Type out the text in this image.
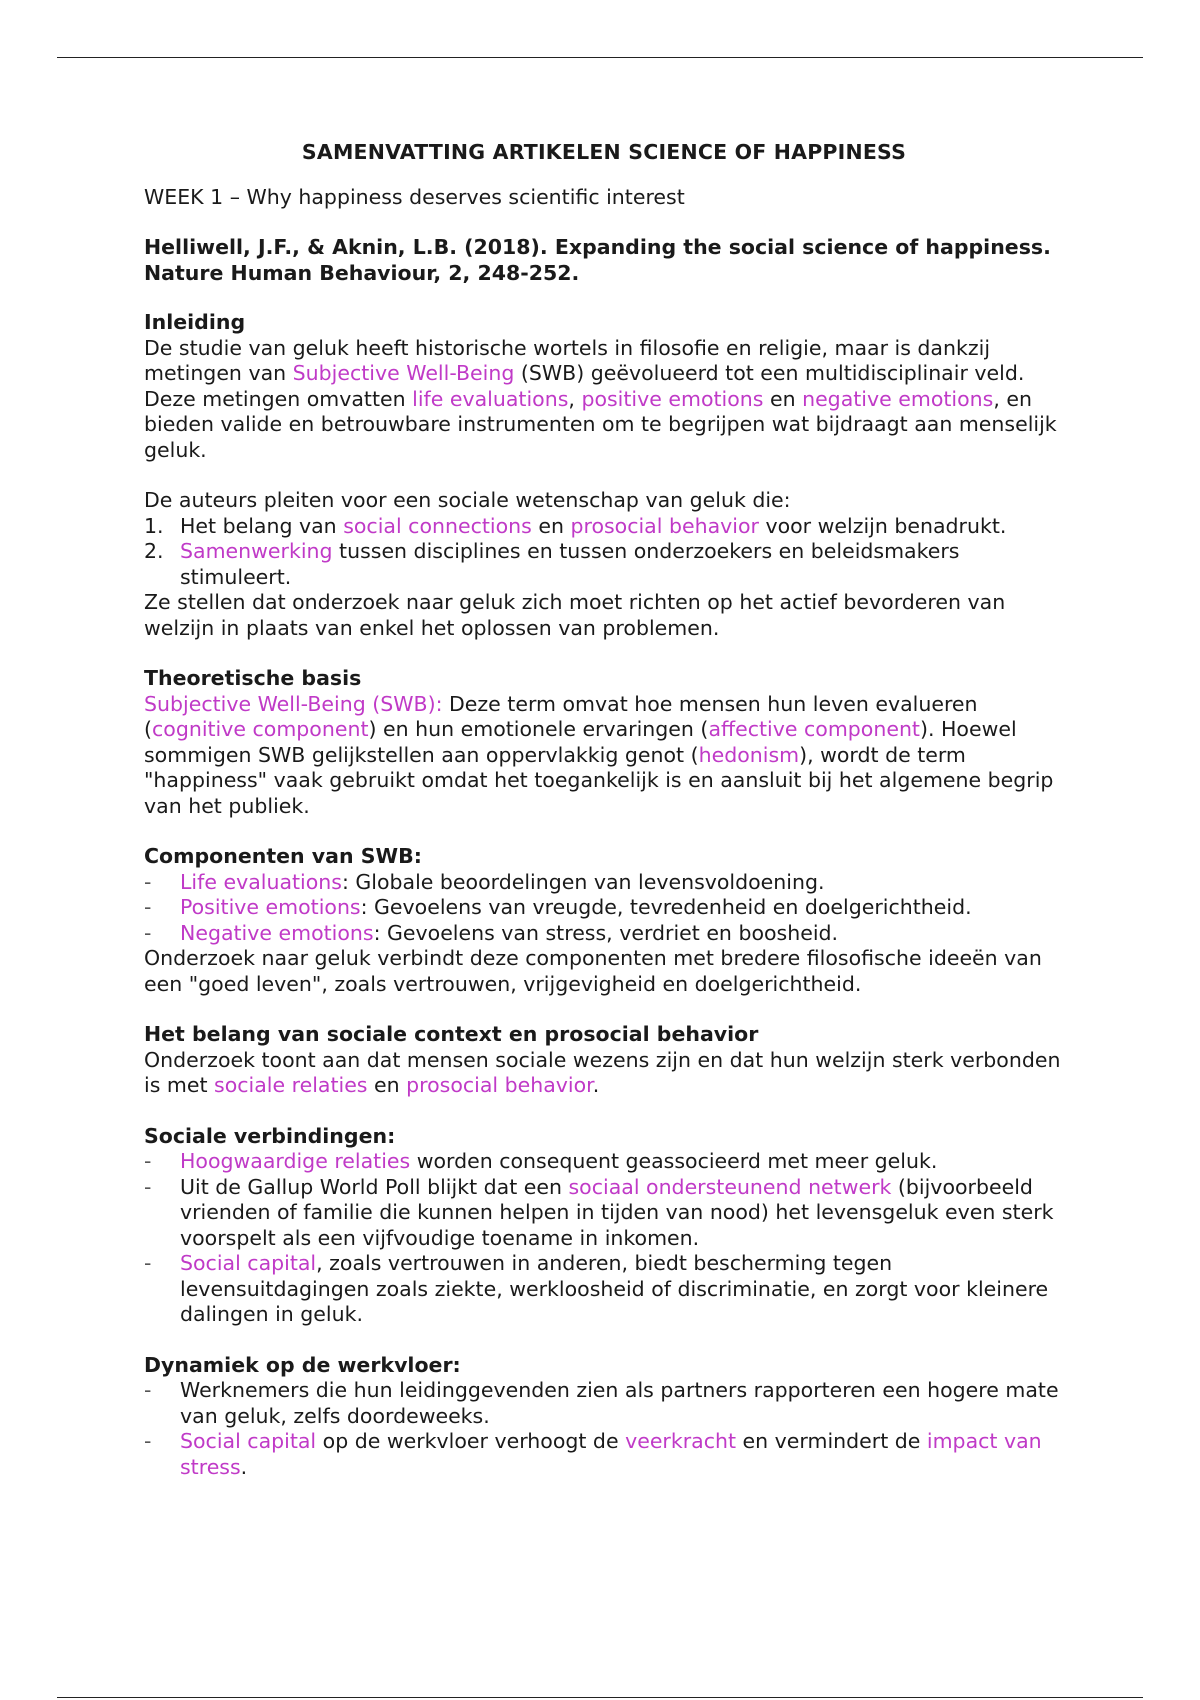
SAMENVATTING ARTIKELEN SCIENCE OF HAPPINESS

WEEK 1 – Why happiness deserves scientific interest

Helliwell, J.F., & Aknin, L.B. (2018). Expanding the social science of happiness. Nature Human Behaviour, 2, 248-252.

Inleiding

De studie van geluk heeft historische wortels in filosofie en religie, maar is dankzij metingen van Subjective Well-Being (SWB) geëvolueerd tot een multidisciplinair veld. Deze metingen omvatten life evaluations, positive emotions en negative emotions, en bieden valide en betrouwbare instrumenten om te begrijpen wat bijdraagt aan menselijk geluk.

De auteurs pleiten voor een sociale wetenschap van geluk die:

1. Het belang van social connections en prosocial behavior voor welzijn benadrukt.
2. Samenwerking tussen disciplines en tussen onderzoekers en beleidsmakers stimuleert.

Ze stellen dat onderzoek naar geluk zich moet richten op het actief bevorderen van welzijn in plaats van enkel het oplossen van problemen.

Theoretische basis

Subjective Well-Being (SWB): Deze term omvat hoe mensen hun leven evalueren (cognitive component) en hun emotionele ervaringen (affective component). Hoewel sommigen SWB gelijkstellen aan oppervlakkig genot (hedonism), wordt de term "happiness" vaak gebruikt omdat het toegankelijk is en aansluit bij het algemene begrip van het publiek.

Componenten van SWB:
- Life evaluations: Globale beoordelingen van levensvoldoening.
- Positive emotions: Gevoelens van vreugde, tevredenheid en doelgerichtheid.
- Negative emotions: Gevoelens van stress, verdriet en boosheid.

Onderzoek naar geluk verbindt deze componenten met bredere filosofische ideeën van een "goed leven", zoals vertrouwen, vrijgevigheid en doelgerichtheid.

Het belang van sociale context en prosocial behavior

Onderzoek toont aan dat mensen sociale wezens zijn en dat hun welzijn sterk verbonden is met sociale relaties en prosocial behavior.

Sociale verbindingen:
- Hoogwaardige relaties worden consequent geassocieerd met meer geluk.
- Uit de Gallup World Poll blijkt dat een sociaal ondersteunend netwerk (bijvoorbeeld vrienden of familie die kunnen helpen in tijden van nood) het levensgeluk even sterk voorspelt als een vijfvoudige toename in inkomen.
- Social capital, zoals vertrouwen in anderen, biedt bescherming tegen levensuitdagingen zoals ziekte, werkloosheid of discriminatie, en zorgt voor kleinere dalingen in geluk.
Dynamiek op de werkvloer:
- Werknemers die hun leidinggevenden zien als partners rapporteren een hogere mate van geluk, zelfs doordeweeks.
- Social capital op de werkvloer verhoogt de veerkracht en vermindert de impact van stress.
